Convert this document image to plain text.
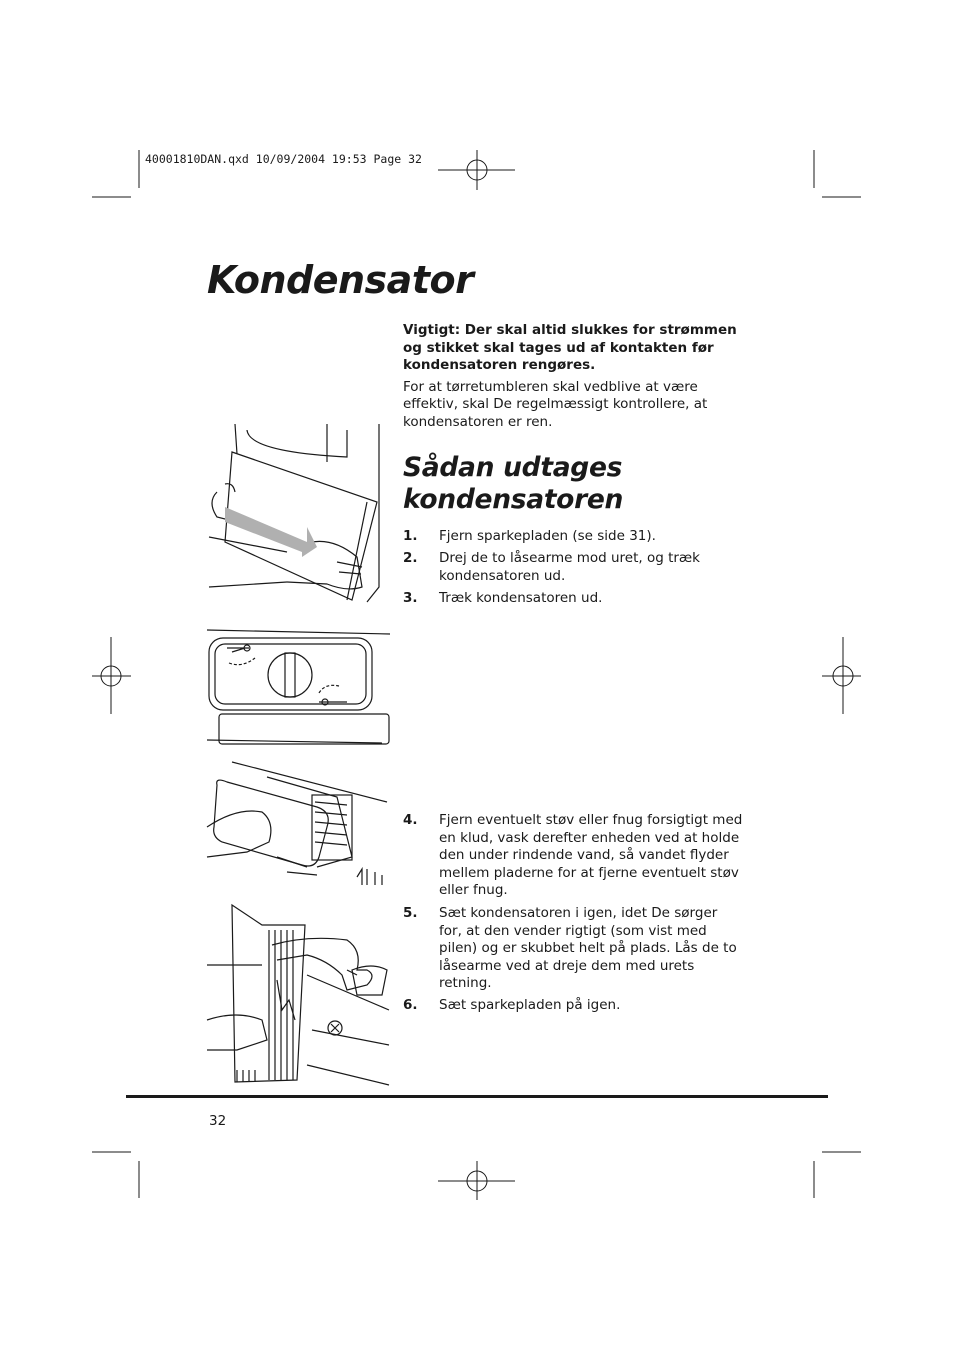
40001810DAN.qxd 10/09/2004 19:53 Page 32
Kondensator
Vigtigt: Der skal altid slukkes for strømmen og stikket skal tages ud af kontakten før kondensatoren rengøres.
For at tørretumbleren skal vedblive at være effektiv, skal De regelmæssigt kontrollere, at kondensatoren er ren.
Sådan udtages kondensatoren
1. Fjern sparkepladen (se side 31).
2. Drej de to låsearme mod uret, og træk kondensatoren ud.
3. Træk kondensatoren ud.
4. Fjern eventuelt støv eller fnug forsigtigt med en klud, vask derefter enheden ved at holde den under rindende vand, så vandet flyder mellem pladerne for at fjerne eventuelt støv eller fnug.
5. Sæt kondensatoren i igen, idet De sørger for, at den vender rigtigt (som vist med pilen) og er skubbet helt på plads. Lås de to låsearme ved at dreje dem med urets retning.
6. Sæt sparkepladen på igen.
32
